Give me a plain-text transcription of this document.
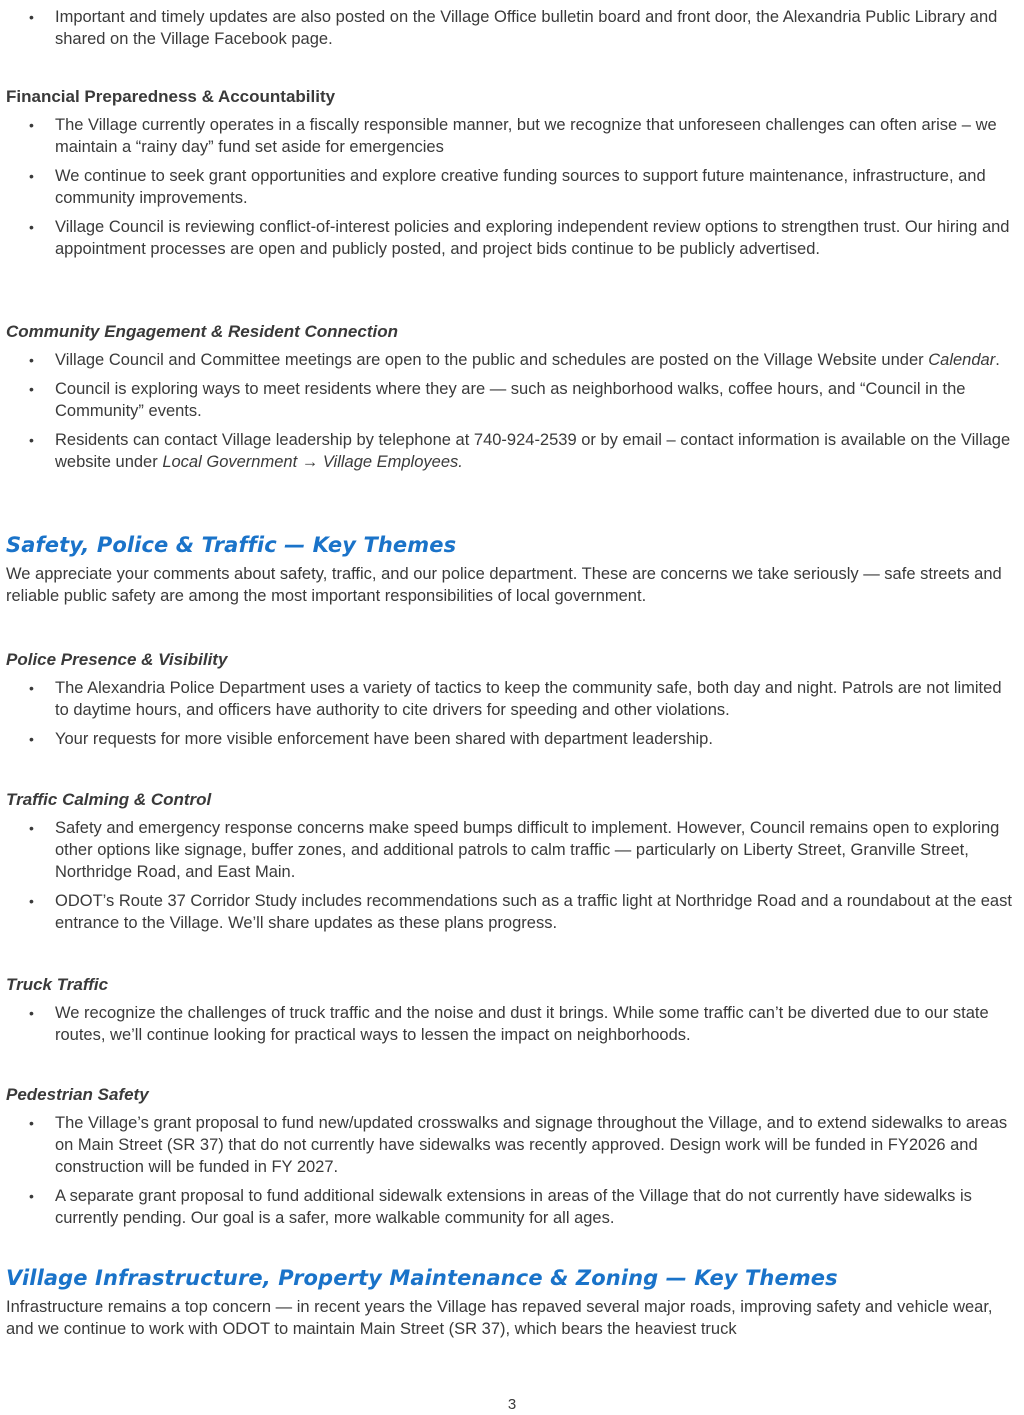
• Important and timely updates are also posted on the Village Office bulletin board and front door, the Alexandria Public Library and shared on the Village Facebook page.
Financial Preparedness & Accountability
• The Village currently operates in a fiscally responsible manner, but we recognize that unforeseen challenges can often arise – we maintain a “rainy day” fund set aside for emergencies
• We continue to seek grant opportunities and explore creative funding sources to support future maintenance, infrastructure, and community improvements.
• Village Council is reviewing conflict-of-interest policies and exploring independent review options to strengthen trust. Our hiring and appointment processes are open and publicly posted, and project bids continue to be publicly advertised.
Community Engagement & Resident Connection
• Village Council and Committee meetings are open to the public and schedules are posted on the Village Website under Calendar.
• Council is exploring ways to meet residents where they are — such as neighborhood walks, coffee hours, and “Council in the Community” events.
• Residents can contact Village leadership by telephone at 740-924-2539 or by email – contact information is available on the Village website under Local Government → Village Employees.
Safety, Police & Traffic — Key Themes

We appreciate your comments about safety, traffic, and our police department. These are concerns we take seriously — safe streets and reliable public safety are among the most important responsibilities of local government.

Police Presence & Visibility
• The Alexandria Police Department uses a variety of tactics to keep the community safe, both day and night. Patrols are not limited to daytime hours, and officers have authority to cite drivers for speeding and other violations.
• Your requests for more visible enforcement have been shared with department leadership.
Traffic Calming & Control
• Safety and emergency response concerns make speed bumps difficult to implement. However, Council remains open to exploring other options like signage, buffer zones, and additional patrols to calm traffic — particularly on Liberty Street, Granville Street, Northridge Road, and East Main.
• ODOT’s Route 37 Corridor Study includes recommendations such as a traffic light at Northridge Road and a roundabout at the east entrance to the Village. We’ll share updates as these plans progress.
Truck Traffic
• We recognize the challenges of truck traffic and the noise and dust it brings. While some traffic can’t be diverted due to our state routes, we’ll continue looking for practical ways to lessen the impact on neighborhoods.
Pedestrian Safety
• The Village’s grant proposal to fund new/updated crosswalks and signage throughout the Village, and to extend sidewalks to areas on Main Street (SR 37) that do not currently have sidewalks was recently approved. Design work will be funded in FY2026 and construction will be funded in FY 2027.
• A separate grant proposal to fund additional sidewalk extensions in areas of the Village that do not currently have sidewalks is currently pending. Our goal is a safer, more walkable community for all ages.
Village Infrastructure, Property Maintenance & Zoning — Key Themes

Infrastructure remains a top concern — in recent years the Village has repaved several major roads, improving safety and vehicle wear, and we continue to work with ODOT to maintain Main Street (SR 37), which bears the heaviest truck

3
